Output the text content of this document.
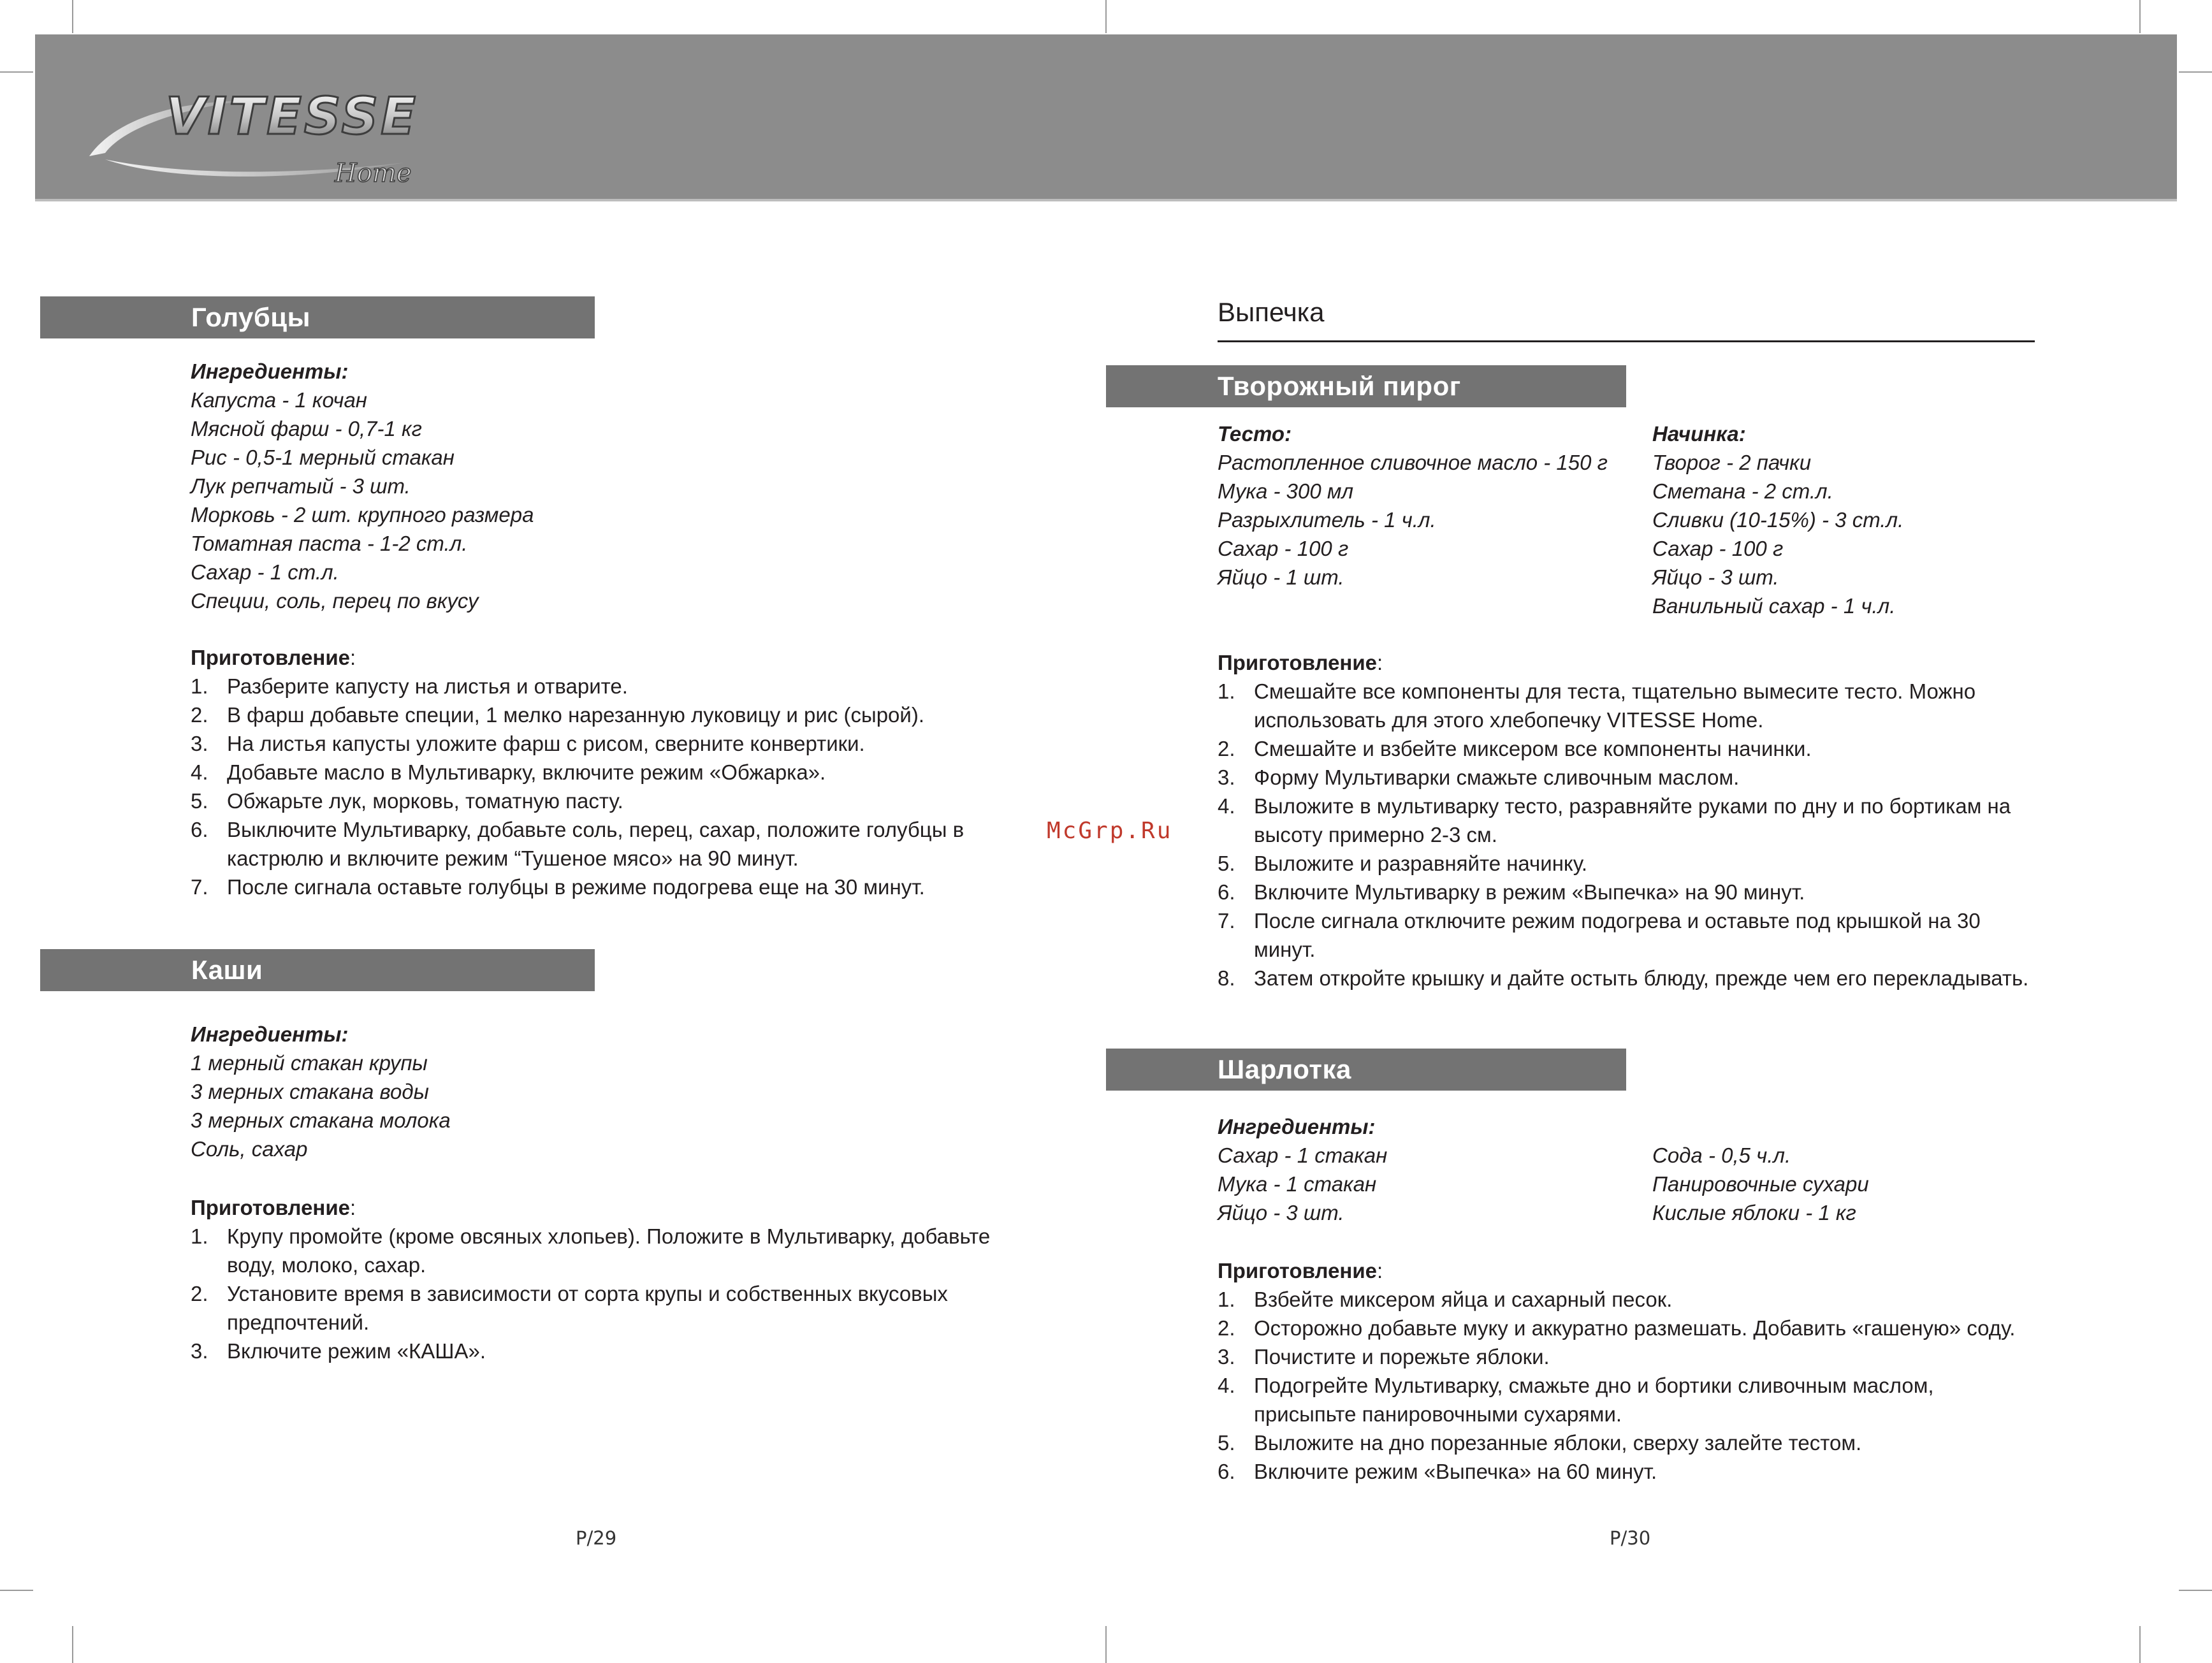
VITESSE
Home
Голубцы

Ингредиенты:

Капуста - 1 кочан

Мясной фарш - 0,7-1 кг

Рис - 0,5-1 мерный стакан

Лук репчатый - 3 шт.

Морковь - 2 шт. крупного размера

Томатная паста - 1-2 ст.л.

Сахар - 1 ст.л.

Специи, соль, перец по вкусу

Приготовление:

1. Разберите капусту на листья и отварите.
2. В фарш добавьте специи, 1 мелко нарезанную луковицу и рис (сырой).
3. На листья капусты уложите фарш с рисом, сверните конвертики.
4. Добавьте масло в Мультиварку, включите режим «Обжарка».
5. Обжарьте лук, морковь, томатную пасту.
6. Выключите Мультиварку, добавьте соль, перец, сахар, положите голубцы в
кастрюлю и включите режим “Тушеное мясо» на 90 минут.
7. После сигнала оставьте голубцы в режиме подогрева еще на 30 минут.
Каши

Ингредиенты:

1 мерный стакан крупы

3 мерных стакана воды

3 мерных стакана молока

Соль, сахар

Приготовление:

1. Крупу промойте (кроме овсяных хлопьев). Положите в Мультиварку, добавьте
воду, молоко, сахар.
2. Установите время в зависимости от сорта крупы и собственных вкусовых
предпочтений.
3. Включите режим «КАША».
McGrp.Ru
Выпечка
Творожный пирог

Тесто:

Растопленное сливочное масло - 150 г

Мука - 300 мл

Разрыхлитель - 1 ч.л.

Сахар - 100 г

Яйцо - 1 шт.

Начинка:

Творог - 2 пачки

Сметана - 2 ст.л.

Сливки (10-15%) - 3 ст.л.

Сахар - 100 г

Яйцо - 3 шт.

Ванильный сахар - 1 ч.л.

Приготовление:

1. Смешайте все компоненты для теста, тщательно вымесите тесто. Можно
использовать для этого хлебопечку VITESSE Home.
2. Смешайте и взбейте миксером все компоненты начинки.
3. Форму Мультиварки смажьте сливочным маслом.
4. Выложите в мультиварку тесто, разравняйте руками по дну и по бортикам на
высоту примерно 2-3 см.
5. Выложите и разравняйте начинку.
6. Включите Мультиварку в режим «Выпечка» на 90 минут.
7. После сигнала отключите режим подогрева и оставьте под крышкой на 30
минут.
8. Затем откройте крышку и дайте остыть блюду, прежде чем его перекладывать.
Шарлотка

Ингредиенты:

Сахар - 1 стакан

Мука - 1 стакан

Яйцо - 3 шт.

Сода - 0,5 ч.л.

Панировочные сухари

Кислые яблоки - 1 кг

Приготовление:

1. Взбейте миксером яйца и сахарный песок.
2. Осторожно добавьте муку и аккуратно размешать. Добавить «гашеную» соду.
3. Почистите и порежьте яблоки.
4. Подогрейте Мультиварку, смажьте дно и бортики сливочным маслом,
присыпьте панировочными сухарями.
5. Выложите на дно порезанные яблоки, сверху залейте тестом.
6. Включите режим «Выпечка» на 60 минут.
P/29	P/30
